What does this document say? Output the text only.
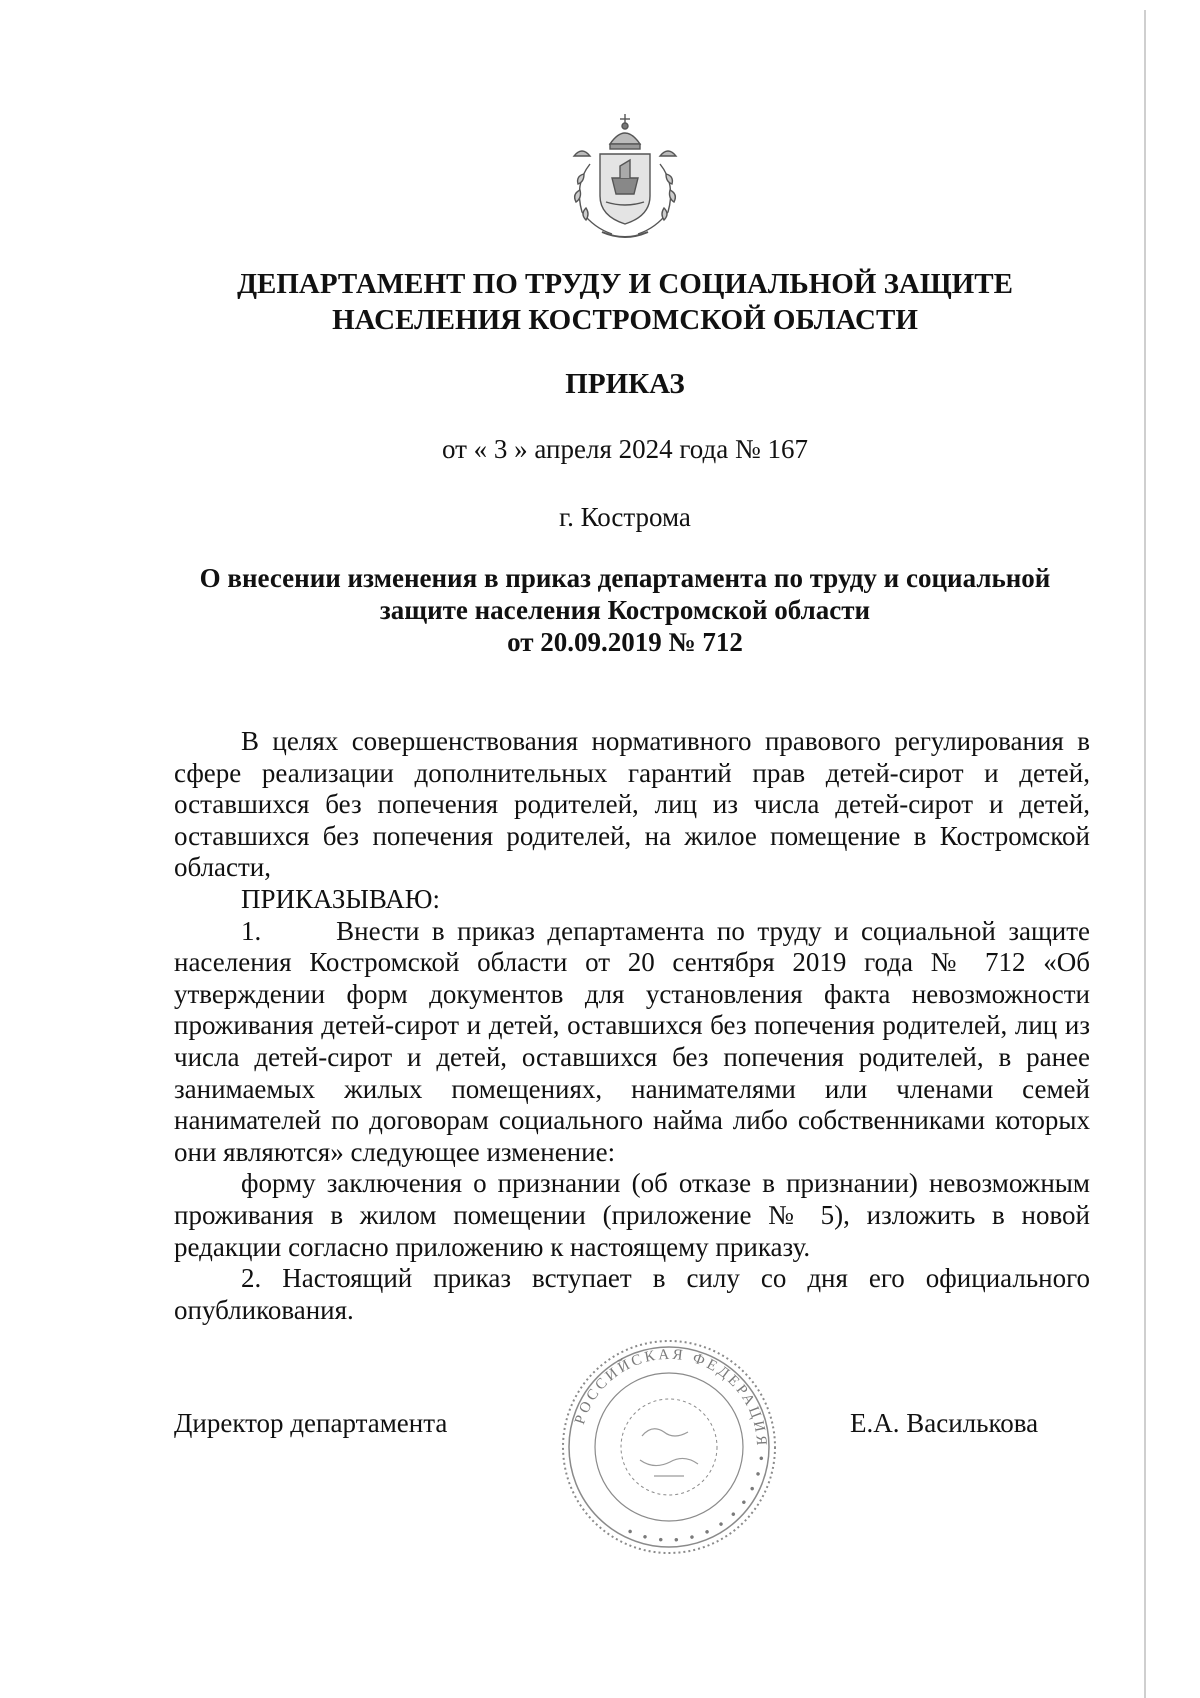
ДЕПАРТАМЕНТ ПО ТРУДУ И СОЦИАЛЬНОЙ ЗАЩИТЕ
НАСЕЛЕНИЯ КОСТРОМСКОЙ ОБЛАСТИ
ПРИКАЗ
от « 3 » апреля 2024 года № 167
г. Кострома
О внесении изменения в приказ департамента по труду и социальной
защите населения Костромской области
от 20.09.2019 № 712

В целях совершенствования нормативного правового регулирования в сфере реализации дополнительных гарантий прав детей-сирот и детей, оставшихся без попечения родителей, лиц из числа детей-сирот и детей, оставшихся без попечения родителей, на жилое помещение в Костромской области,

ПРИКАЗЫВАЮ:

1.      Внести в приказ департамента по труду и социальной защите населения Костромской области от 20 сентября 2019 года № 712 «Об утверждении форм документов для установления факта невозможности проживания детей-сирот и детей, оставшихся без попечения родителей, лиц из числа детей-сирот и детей, оставшихся без попечения родителей, в ранее занимаемых жилых помещениях, нанимателями или членами семей нанимателей по договорам социального найма либо собственниками которых они являются» следующее изменение:

форму заключения о признании (об отказе в признании) невозможным проживания в жилом помещении (приложение № 5), изложить в новой редакции согласно приложению к настоящему приказу.

2. Настоящий приказ вступает в силу со дня его официального опубликования.

Директор департамента	РОССИЙСКАЯ ФЕДЕРАЦИЯ • • • • • • • • • • • •
Е.А. Василькова
